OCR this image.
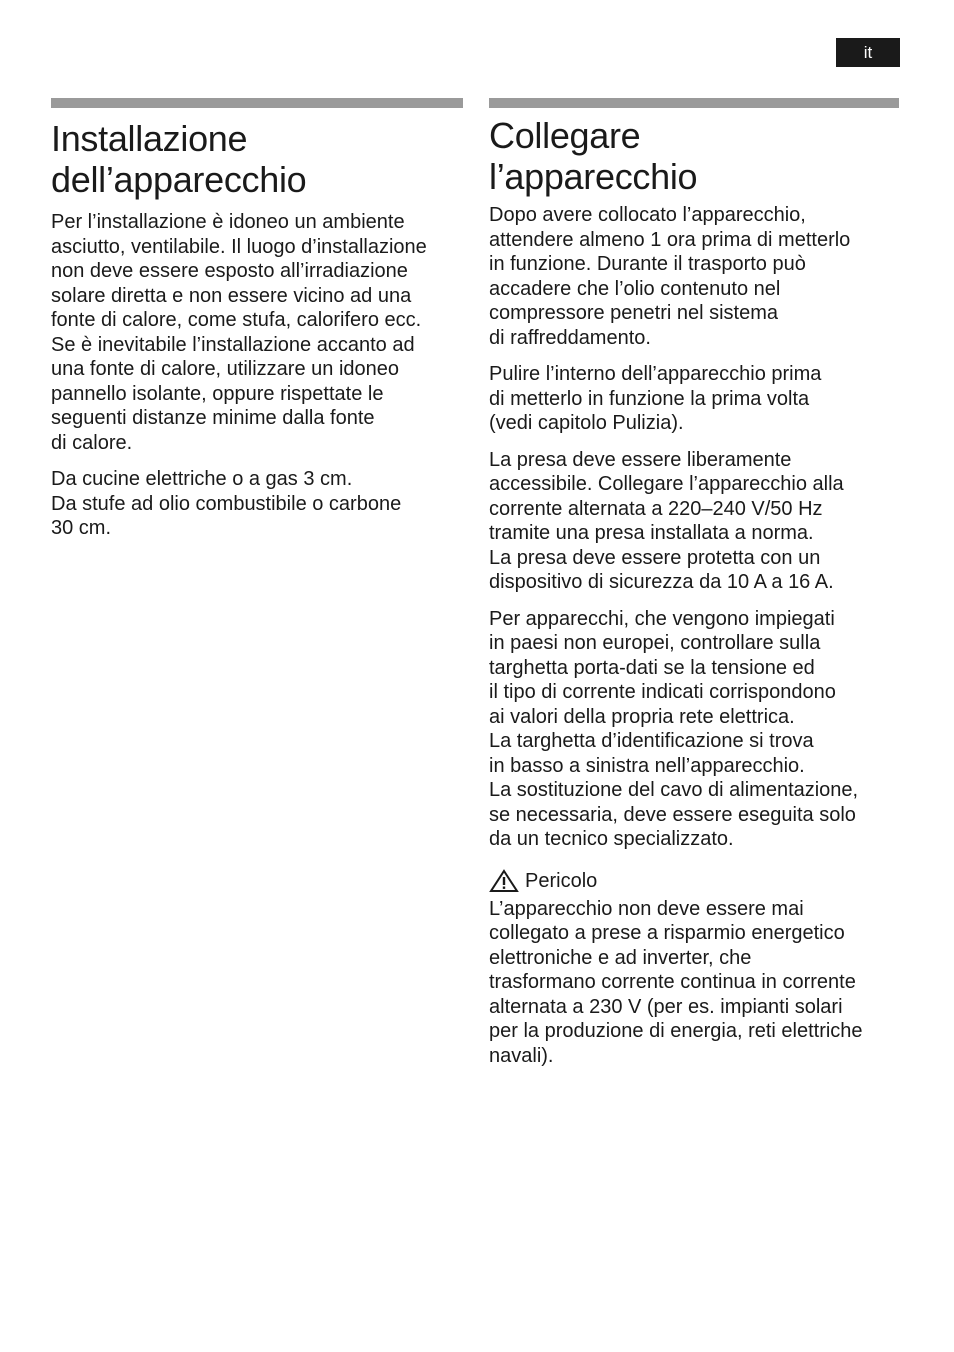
it
Installazione
dell’apparecchio

Per l’installazione è idoneo un ambiente
asciutto, ventilabile. Il luogo d’installazione
non deve essere esposto all’irradiazione
solare diretta e non essere vicino ad una
fonte di calore, come stufa, calorifero ecc.
Se è inevitabile l’installazione accanto ad
una fonte di calore, utilizzare un idoneo
pannello isolante, oppure rispettate le
seguenti distanze minime dalla fonte
di calore.

Da cucine elettriche o a gas 3 cm.
Da stufe ad olio combustibile o carbone
30 cm.

Collegare
l’apparecchio

Dopo avere collocato l’apparecchio,
attendere almeno 1 ora prima di metterlo
in funzione. Durante il trasporto può
accadere che l’olio contenuto nel
compressore penetri nel sistema
di raffreddamento.

Pulire l’interno dell’apparecchio prima
di metterlo in funzione la prima volta
(vedi capitolo Pulizia).

La presa deve essere liberamente
accessibile. Collegare l’apparecchio alla
corrente alternata a 220–240 V/50 Hz
tramite una presa installata a norma.
La presa deve essere protetta con un
dispositivo di sicurezza da 10 A a 16 A.

Per apparecchi, che vengono impiegati
in paesi non europei, controllare sulla
targhetta porta-dati se la tensione ed
il tipo di corrente indicati corrispondono
ai valori della propria rete elettrica.
La targhetta d’identificazione si trova
in basso a sinistra nell’apparecchio.
La sostituzione del cavo di alimentazione,
se necessaria, deve essere eseguita solo
da un tecnico specializzato.

Pericolo

L’apparecchio non deve essere mai
collegato a prese a risparmio energetico
elettroniche e ad inverter, che
trasformano corrente continua in corrente
alternata a 230 V (per es. impianti solari
per la produzione di energia, reti elettriche
navali).
